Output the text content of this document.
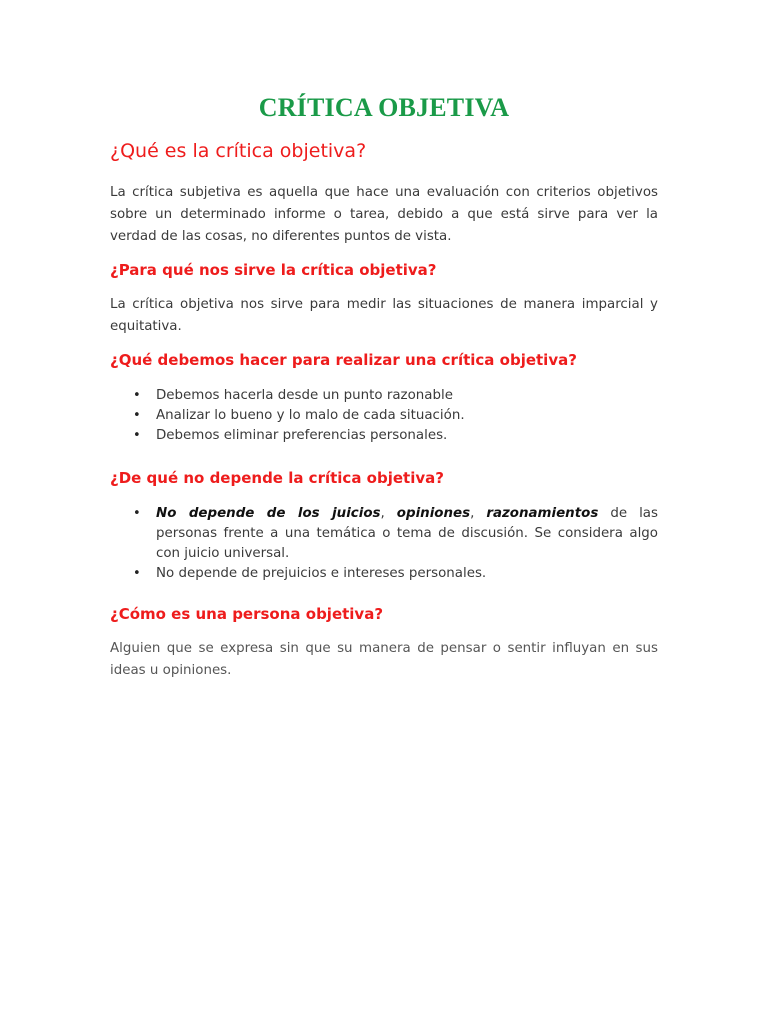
CRÍTICA OBJETIVA
¿Qué es la crítica objetiva?

La crítica subjetiva es aquella que hace una evaluación con criterios objetivos sobre un determinado informe o tarea, debido a que está sirve para ver la verdad de las cosas, no diferentes puntos de vista.

¿Para qué nos sirve la crítica objetiva?

La crítica objetiva nos sirve para medir las situaciones de manera imparcial y equitativa.

¿Qué debemos hacer para realizar una crítica objetiva?
• Debemos hacerla desde un punto razonable
• Analizar lo bueno y lo malo de cada situación.
• Debemos eliminar preferencias personales.
¿De qué no depende la crítica objetiva?
• No depende de los juicios, opiniones, razonamientos de las personas frente a una temática o tema de discusión. Se considera algo con juicio universal.
• No depende de prejuicios e intereses personales.
¿Cómo es una persona objetiva?

Alguien que se expresa sin que su manera de pensar o sentir influyan en sus ideas u opiniones.
